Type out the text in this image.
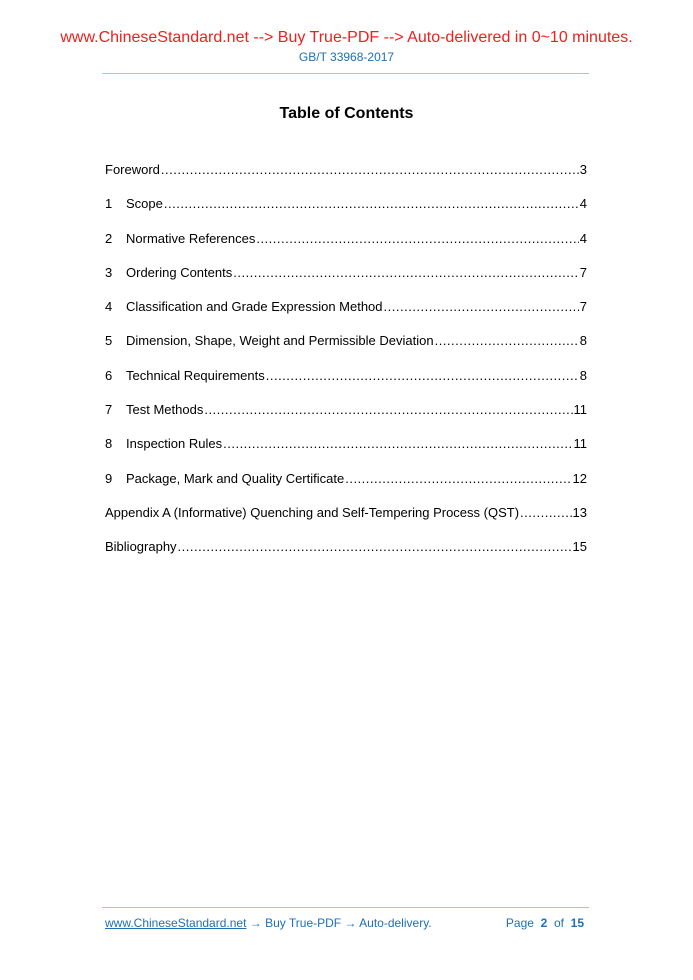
www.ChineseStandard.net --> Buy True-PDF --> Auto-delivered in 0~10 minutes.
GB/T 33968-2017
Table of Contents
Foreword .....	3
1	Scope .....	4
2	Normative References .....	4
3	Ordering Contents .....	7
4	Classification and Grade Expression Method .....	7
5	Dimension, Shape, Weight and Permissible Deviation .....	8
6	Technical Requirements .....	8
7	Test Methods .....	11
8	Inspection Rules .....	11
9	Package, Mark and Quality Certificate .....	12
Appendix A (Informative) Quenching and Self-Tempering Process (QST) .....	13
Bibliography .....	15
www.ChineseStandard.net → Buy True-PDF → Auto-delivery.	Page 2 of 15
